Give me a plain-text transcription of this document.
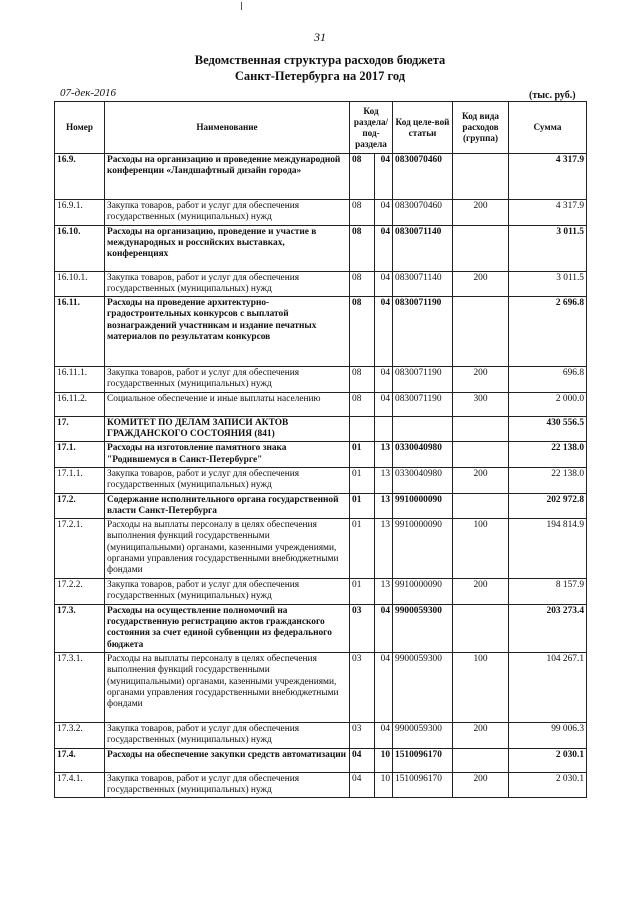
31
Ведомственная структура расходов бюджета
Санкт-Петербурга на 2017 год
07-дек-2016	(тыс. руб.)
Номер	Наименование	Код раздела/ под-раздела		Код целе-вой статьи	Код вида расходов (группа)	Сумма
16.9.	Расходы на организацию и проведение международной конференции «Ландшафтный дизайн города»	08	04	0830070460		4 317.9
16.9.1.	Закупка товаров, работ и услуг для обеспечения государственных (муниципальных) нужд	08	04	0830070460	200	4 317.9
16.10.	Расходы на организацию, проведение и участие в международных и российских выставках, конференциях	08	04	0830071140		3 011.5
16.10.1.	Закупка товаров, работ и услуг для обеспечения государственных (муниципальных) нужд	08	04	0830071140	200	3 011.5
16.11.	Расходы на проведение архитектурно-градостроительных конкурсов с выплатой вознаграждений участникам и издание печатных материалов по результатам конкурсов	08	04	0830071190		2 696.8
16.11.1.	Закупка товаров, работ и услуг для обеспечения государственных (муниципальных) нужд	08	04	0830071190	200	696.8
16.11.2.	Социальное обеспечение и иные выплаты населению	08	04	0830071190	300	2 000.0
17.	КОМИТЕТ ПО ДЕЛАМ ЗАПИСИ АКТОВ ГРАЖДАНСКОГО СОСТОЯНИЯ (841)					430 556.5
17.1.	Расходы на изготовление памятного знака "Родившемуся в Санкт-Петербурге"	01	13	0330040980		22 138.0
17.1.1.	Закупка товаров, работ и услуг для обеспечения государственных (муниципальных) нужд	01	13	0330040980	200	22 138.0
17.2.	Содержание исполнительного органа государственной власти Санкт-Петербурга	01	13	9910000090		202 972.8
17.2.1.	Расходы на выплаты персоналу в целях обеспечения выполнения функций государственными (муниципальными) органами, казенными учреждениями, органами управления государственными внебюджетными фондами	01	13	9910000090	100	194 814.9
17.2.2.	Закупка товаров, работ и услуг для обеспечения государственных (муниципальных) нужд	01	13	9910000090	200	8 157.9
17.3.	Расходы на осуществление полномочий на государственную регистрацию актов гражданского состояния за счет единой субвенции из федерального бюджета	03	04	9900059300		203 273.4
17.3.1.	Расходы на выплаты персоналу в целях обеспечения выполнения функций государственными (муниципальными) органами, казенными учреждениями, органами управления государственными внебюджетными фондами	03	04	9900059300	100	104 267.1
17.3.2.	Закупка товаров, работ и услуг для обеспечения государственных (муниципальных) нужд	03	04	9900059300	200	99 006.3
17.4.	Расходы на обеспечение закупки средств автоматизации	04	10	1510096170		2 030.1
17.4.1.	Закупка товаров, работ и услуг для обеспечения государственных (муниципальных) нужд	04	10	1510096170	200	2 030.1
